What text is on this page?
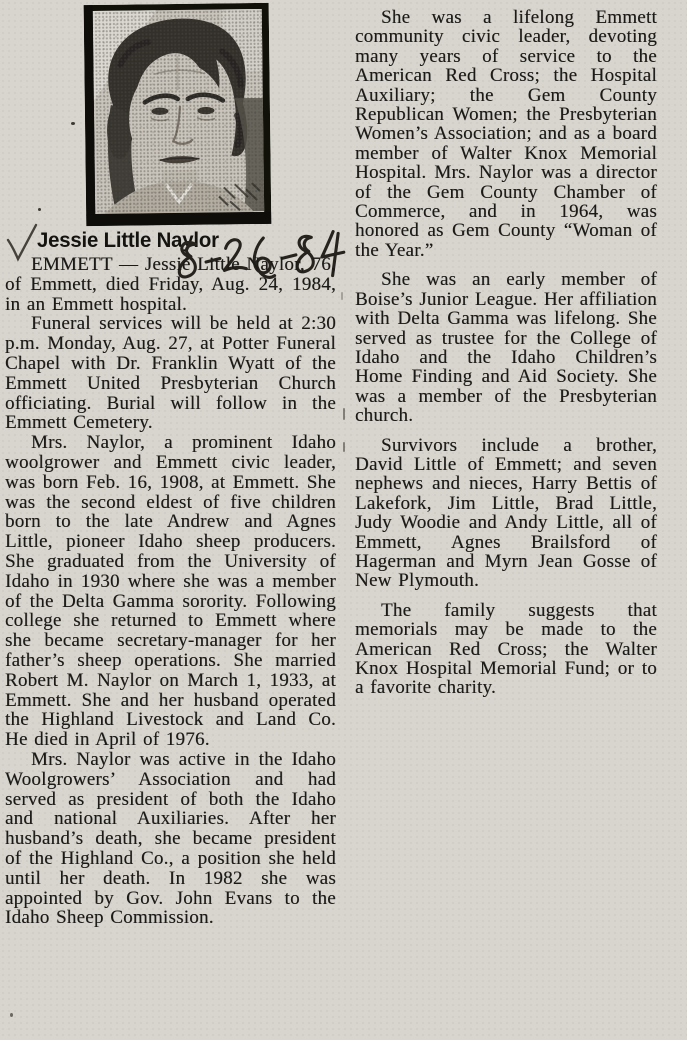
Jessie Little Naylor

EMMETT — Jessie Little Naylor, 76, of Emmett, died Friday, Aug. 24, 1984, in an Emmett hospital.

Funeral services will be held at 2:30 p.m. Monday, Aug. 27, at Potter Funeral Chapel with Dr. Franklin Wyatt of the Emmett United Presbyterian Church officiating. Burial will follow in the Emmett Cemetery.

Mrs. Naylor, a prominent Idaho woolgrower and Emmett civic leader, was born Feb. 16, 1908, at Emmett. She was the second eldest of five children born to the late Andrew and Agnes Little, pioneer Idaho sheep producers. She graduated from the University of Idaho in 1930 where she was a member of the Delta Gamma sorority. Following college she returned to Emmett where she became secretary-manager for her father’s sheep operations. She married Robert M. Naylor on March 1, 1933, at Emmett. She and her husband operated the Highland Livestock and Land Co. He died in April of 1976.

Mrs. Naylor was active in the Idaho Woolgrowers’ Association and had served as president of both the Idaho and national Auxiliaries. After her husband’s death, she became president of the Highland Co., a position she held until her death. In 1982 she was appointed by Gov. John Evans to the Idaho Sheep Commission.

She was a lifelong Emmett community civic leader, devoting many years of service to the American Red Cross; the Hospital Auxiliary; the Gem County Republican Women; the Presbyterian Women’s Association; and as a board member of Walter Knox Memorial Hospital. Mrs. Naylor was a director of the Gem County Chamber of Commerce, and in 1964, was honored as Gem County “Woman of the Year.”

She was an early member of Boise’s Junior League. Her affiliation with Delta Gamma was lifelong. She served as trustee for the College of Idaho and the Idaho Children’s Home Finding and Aid Society. She was a member of the Presbyterian church.

Survivors include a brother, David Little of Emmett; and seven nephews and nieces, Harry Bettis of Lakefork, Jim Little, Brad Little, Judy Woodie and Andy Little, all of Emmett, Agnes Brailsford of Hagerman and Myrn Jean Gosse of New Plymouth.

The family suggests that memorials may be made to the American Red Cross; the Walter Knox Hospital Memorial Fund; or to a favorite charity.
